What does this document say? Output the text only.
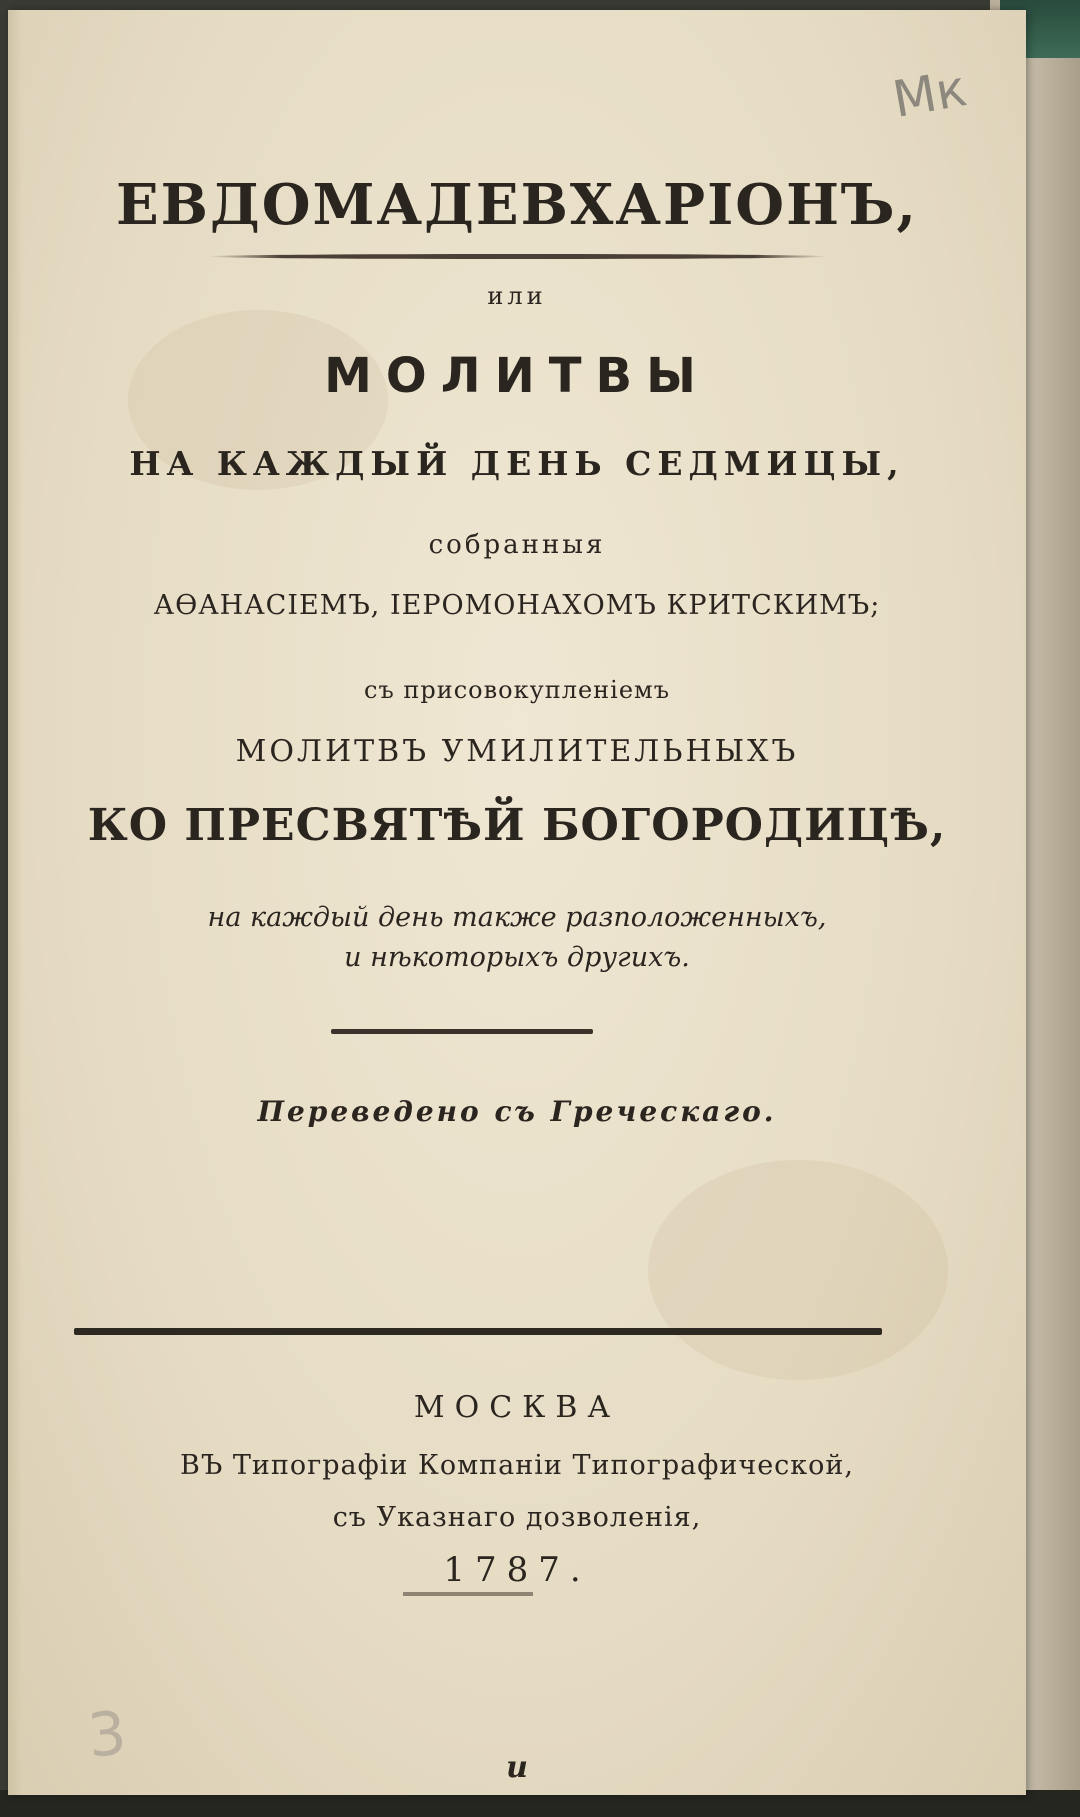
Мк
ЕВДОМАДЕВХАРІОНЪ,
или
МОЛИТВЫ
НА КАЖДЫЙ ДЕНЬ СЕДМИЦЫ,
собранныя
АѲАНАСІЕМЪ, ІЕРОМОНАХОМЪ КРИТСКИМЪ;
съ присовокупленіемъ
МОЛИТВЪ УМИЛИТЕЛЬНЫХЪ
КО ПРЕСВЯТѢЙ БОГОРОДИЦѢ,
на каждый день также разположенныхъ,
и нѣкоторыхъ другихъ.
Переведено съ Греческаго.
МОСКВА
ВЪ Типографіи Компаніи Типографической,
съ Указнаго дозволенія,
1787.
3	и
